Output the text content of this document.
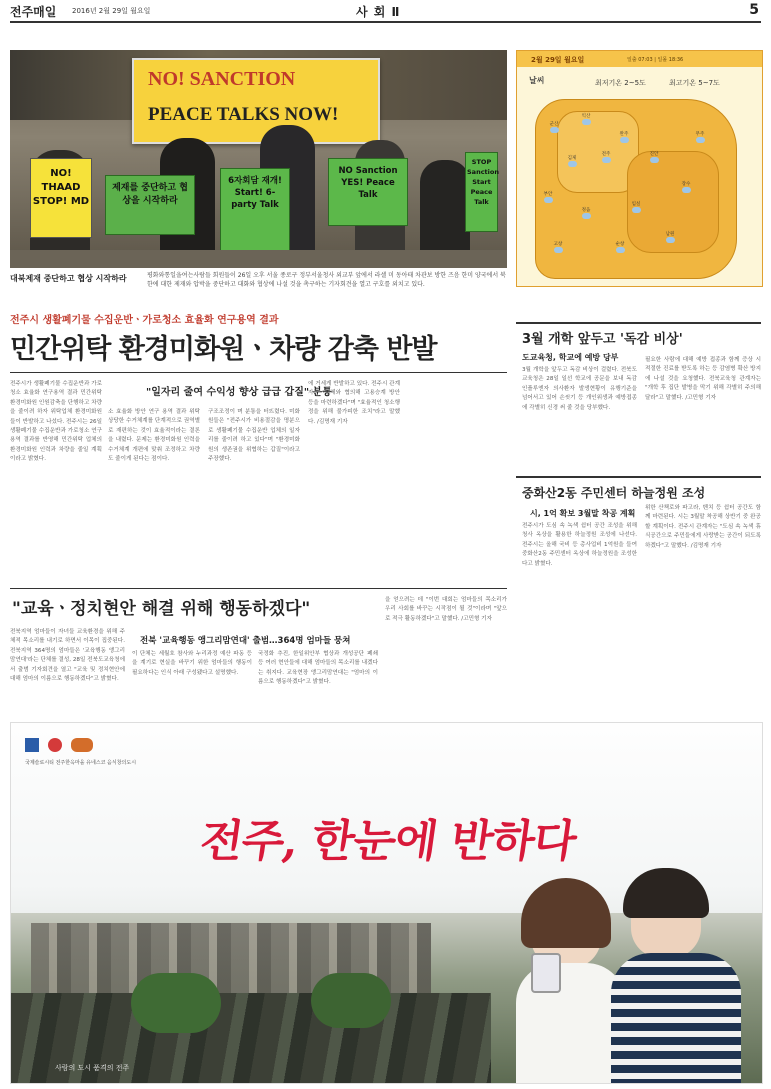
전주매일 2016년 2월 29일 월요일	사 회 Ⅱ	5
NO! SANCTION
PEACE TALKS NOW!
NO! THAAD STOP! MD
제재를 중단하고 협상을 시작하라
6자회담 재개! Start! 6-party Talk
NO Sanction YES! Peace Talk
STOP Sanction Start Peace Talk
대북제재 중단하고 협상 시작하라	평화와통일을여는사람들 회원들이 26일 오후 서울 종로구 정부서울청사 외교부 앞에서 라셀 미 동아태 차관보 방한 즈음 한미 양국에서 북한에 대한 제재와 압박을 중단하고 대화와 협상에 나설 것을 촉구하는 기자회견을 열고 구호를 외치고 있다.
2월 29일 월요일	일출 07:03 | 일몰 18:36
날씨	최저기온 2~5도	최고기온 5~7도
군산
익산
완주
전주
김제
진안
무주
부안
정읍
임실
장수
고창	순창
남원
전주시 생활폐기물 수집운반ㆍ가로청소 효율화 연구용역 결과
민간위탁 환경미화원ㆍ차량 감축 반발
전주시가 생활폐기물 수집운반과 가로청소 효율화 연구용역 결과 민간위탁 환경미화원 인원감축을 단행하고 차량을 줄이려 하자 위탁업체 환경미화원들이 반발하고 나섰다. 전주시는 26일 생활폐기물 수집운반과 가로청소 연구용역 결과를 반영해 민간위탁 업체의 환경미화원 인력과 차량을 줄일 계획이라고 밝혔다.
"일자리 줄여 수익성 향상 급급 갑질" 분통
소 효율화 방안 연구 용역 결과 위탁 상당한 수거체계를 단계적으로 권역별로 재편하는 것이 효율적이라는 결론을 내렸다. 문제는 환경미화원 인력을 수거체계 개편에 맞춰 조정하고 차량도 줄이게 된다는 점이다.
구조조정이 며 분통을 터뜨렸다. 미화원들은 "전주시가 비용절감을 명분으로 생활폐기물 수집운반 업체의 일자리를 줄이려 하고 있다"며 "환경미화원의 생존권을 위협하는 갑질"이라고 주장했다.
에 거세게 반발하고 있다. 전주시 관계자는 "업체와 협의해 고용승계 방안 등을 마련하겠다"며 "효율적인 청소행정을 위해 불가피한 조치"라고 말했다. /김명재 기자
"교육ㆍ정치현안 해결 위해 행동하겠다"
전북지역 엄마들이 자녀들 교육환경을 위해 주체적 목소리를 내기로 하면서 이목이 집중된다. 전북지역 364명의 엄마들은 '교육행동 앵그리맘연대'라는 단체를 결성, 28일 전북도교육청에서 출범 기자회견을 열고 "교육 및 정치현안에 대해 엄마의 이름으로 행동하겠다"고 밝혔다.
전북 '교육행동 앵그리맘연대' 출범…364명 엄마들 뭉쳐
이 단체는 세월호 참사와 누리과정 예산 파동 등을 계기로 현실을 바꾸기 위한 엄마들의 행동이 필요하다는 인식 아래 구성됐다고 설명했다.
국정화 추진, 한일위안부 협상과 개성공단 폐쇄 등 여러 현안들에 대해 엄마들의 목소리를 내겠다는 취지다. 교육현장 앵그리맘연대는 "엄마의 이름으로 행동하겠다"고 밝혔다.
을 얻으려는 데 "이번 대회는 엄마들의 목소리가 우리 사회를 바꾸는 시작점이 될 것"이라며 "앞으로 적극 활동하겠다"고 말했다. /고민형 기자
3월 개학 앞두고 '독감 비상'
도교육청, 학교에 예방 당부
3월 개학을 앞두고 독감 비상이 걸렸다. 전북도교육청은 28일 일선 학교에 공문을 보내 독감 인플루엔자 의사환자 발생현황이 유행기준을 넘어서고 있어 손씻기 등 개인위생과 예방접종에 각별히 신경 써 줄 것을 당부했다.
필요한 사람에 대해 예방 접종과 함께 증상 시 적절한 진료를 받도록 하는 등 감염병 확산 방지에 나설 것을 요청했다. 전북교육청 관계자는 "개학 후 집단 발병을 막기 위해 각별히 주의해 달라"고 말했다. /고민형 기자
중화산2동 주민센터 하늘정원 조성
시, 1억 확보 3월말 착공 계획
전주시가 도심 속 녹색 쉼터 공간 조성을 위해 청사 옥상을 활용한 하늘정원 조성에 나선다. 전주시는 올해 국비 등 총사업비 1억원을 들여 중화산2동 주민센터 옥상에 하늘정원을 조성한다고 밝혔다.
위한 산책로와 파고라, 벤치 등 쉼터 공간도 함께 마련된다. 시는 3월말 착공해 상반기 중 완공할 계획이다. 전주시 관계자는 "도심 속 녹색 휴식공간으로 주민들에게 사랑받는 공간이 되도록 하겠다"고 말했다. /김명재 기자

국제슬로시티 전주한옥마을 유네스코 음식창의도시
전주, 한눈에 반하다
사람의 도시 품격의 전주
